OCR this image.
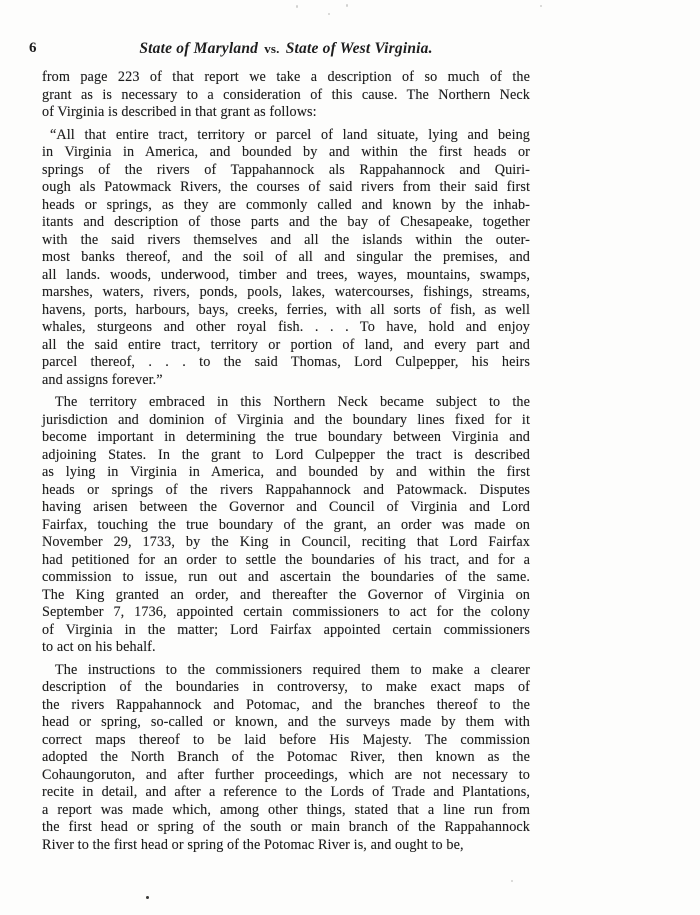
6	State of Maryland vs. State of West Virginia.
from page 223 of that report we take a description of so much of the
grant as is necessary to a consideration of this cause. The Northern Neck
of Virginia is described in that grant as follows:
“All that entire tract, territory or parcel of land situate, lying and being
in Virginia in America, and bounded by and within the first heads or
springs of the rivers of Tappahannock als Rappahannock and Quiri-
ough als Patowmack Rivers, the courses of said rivers from their said first
heads or springs, as they are commonly called and known by the inhab-
itants and description of those parts and the bay of Chesapeake, together
with the said rivers themselves and all the islands within the outer-
most banks thereof, and the soil of all and singular the premises, and
all lands. woods, underwood, timber and trees, wayes, mountains, swamps,
marshes, waters, rivers, ponds, pools, lakes, watercourses, fishings, streams,
havens, ports, harbours, bays, creeks, ferries, with all sorts of fish, as well
whales, sturgeons and other royal fish. . . . To have, hold and enjoy
all the said entire tract, territory or portion of land, and every part and
parcel thereof, . . . to the said Thomas, Lord Culpepper, his heirs
and assigns forever.”
The territory embraced in this Northern Neck became subject to the
jurisdiction and dominion of Virginia and the boundary lines fixed for it
become important in determining the true boundary between Virginia and
adjoining States. In the grant to Lord Culpepper the tract is described
as lying in Virginia in America, and bounded by and within the first
heads or springs of the rivers Rappahannock and Patowmack. Disputes
having arisen between the Governor and Council of Virginia and Lord
Fairfax, touching the true boundary of the grant, an order was made on
November 29, 1733, by the King in Council, reciting that Lord Fairfax
had petitioned for an order to settle the boundaries of his tract, and for a
commission to issue, run out and ascertain the boundaries of the same.
The King granted an order, and thereafter the Governor of Virginia on
September 7, 1736, appointed certain commissioners to act for the colony
of Virginia in the matter; Lord Fairfax appointed certain commissioners
to act on his behalf.
The instructions to the commissioners required them to make a clearer
description of the boundaries in controversy, to make exact maps of
the rivers Rappahannock and Potomac, and the branches thereof to the
head or spring, so-called or known, and the surveys made by them with
correct maps thereof to be laid before His Majesty. The commission
adopted the North Branch of the Potomac River, then known as the
Cohaungoruton, and after further proceedings, which are not necessary to
recite in detail, and after a reference to the Lords of Trade and Plantations,
a report was made which, among other things, stated that a line run from
the first head or spring of the south or main branch of the Rappahannock
River to the first head or spring of the Potomac River is, and ought to be,
